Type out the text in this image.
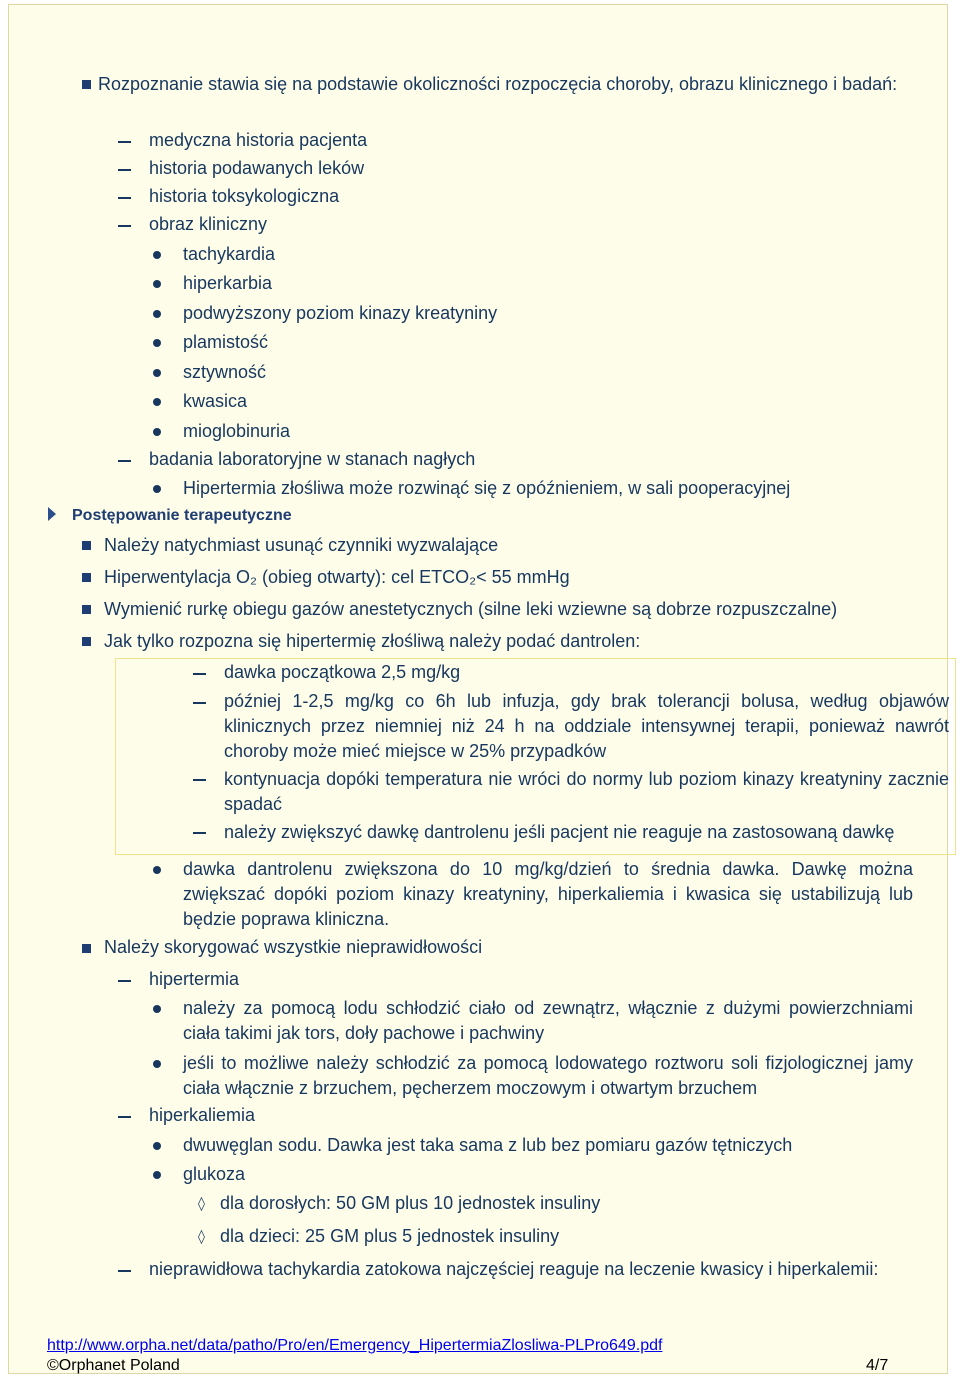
Rozpoznanie stawia się na podstawie okoliczności rozpoczęcia choroby, obrazu klinicznego i badań:
medyczna historia pacjenta
historia podawanych leków
historia toksykologiczna
obraz kliniczny
tachykardia
hiperkarbia
podwyższony poziom kinazy kreatyniny
plamistość
sztywność
kwasica
mioglobinuria
badania laboratoryjne w stanach nagłych
Hipertermia złośliwa może rozwinąć się z opóźnieniem, w sali pooperacyjnej
Postępowanie terapeutyczne
Należy natychmiast usunąć czynniki wyzwalające
Hiperwentylacja O₂ (obieg otwarty): cel ETCO₂< 55 mmHg
Wymienić rurkę obiegu gazów anestetycznych (silne leki wziewne są dobrze rozpuszczalne)
Jak tylko rozpozna się hipertermię złośliwą należy podać dantrolen:
dawka początkowa 2,5 mg/kg
później 1-2,5 mg/kg co 6h lub infuzja, gdy brak tolerancji bolusa, według objawów klinicznych przez niemniej niż 24 h na oddziale intensywnej terapii, ponieważ nawrót choroby może mieć miejsce w 25% przypadków
kontynuacja dopóki temperatura nie wróci do normy lub poziom kinazy kreatyniny zacznie spadać
należy zwiększyć dawkę dantrolenu jeśli pacjent nie reaguje na zastosowaną dawkę
dawka dantrolenu zwiększona do 10 mg/kg/dzień to średnia dawka. Dawkę można zwiększać dopóki poziom kinazy kreatyniny, hiperkaliemia i kwasica się ustabilizują lub będzie poprawa kliniczna.
Należy skorygować wszystkie nieprawidłowości
hipertermia
należy za pomocą lodu schłodzić ciało od zewnątrz, włącznie z dużymi powierzchniami ciała takimi jak tors, doły pachowe i pachwiny
jeśli to możliwe należy schłodzić za pomocą lodowatego roztworu soli fizjologicznej jamy ciała włącznie z brzuchem, pęcherzem moczowym i otwartym brzuchem
hiperkaliemia
dwuwęglan sodu. Dawka jest taka sama z lub bez pomiaru gazów tętniczych
glukoza
◊ dla dorosłych: 50 GM plus 10 jednostek insuliny
◊ dla dzieci: 25 GM plus 5 jednostek insuliny
nieprawidłowa tachykardia zatokowa najczęściej reaguje na leczenie kwasicy i hiperkalemii:
http://www.orpha.net/data/patho/Pro/en/Emergency_HipertermiaZlosliwa-PLPro649.pdf
©Orphanet Poland	4/7
